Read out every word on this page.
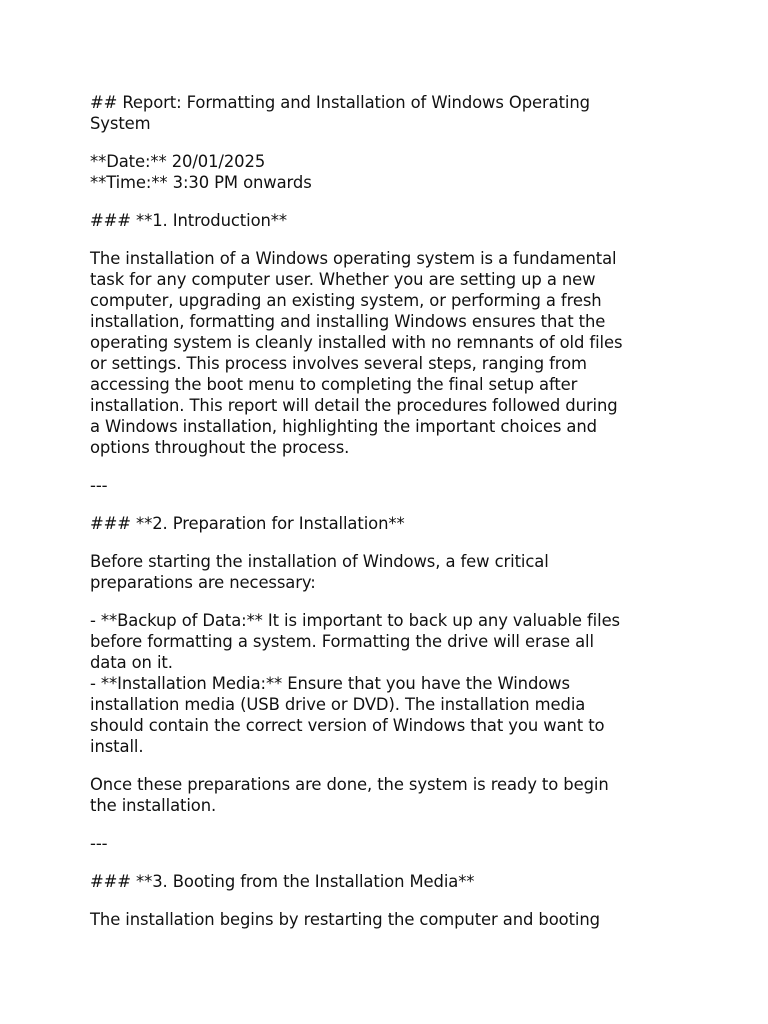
## Report: Formatting and Installation of Windows Operating
System

**Date:** 20/01/2025
**Time:** 3:30 PM onwards

### **1. Introduction**

The installation of a Windows operating system is a fundamental
task for any computer user. Whether you are setting up a new
computer, upgrading an existing system, or performing a fresh
installation, formatting and installing Windows ensures that the
operating system is cleanly installed with no remnants of old files
or settings. This process involves several steps, ranging from
accessing the boot menu to completing the final setup after
installation. This report will detail the procedures followed during
a Windows installation, highlighting the important choices and
options throughout the process.

---

### **2. Preparation for Installation**

Before starting the installation of Windows, a few critical
preparations are necessary:

- **Backup of Data:** It is important to back up any valuable files
before formatting a system. Formatting the drive will erase all
data on it.
- **Installation Media:** Ensure that you have the Windows
installation media (USB drive or DVD). The installation media
should contain the correct version of Windows that you want to
install.

Once these preparations are done, the system is ready to begin
the installation.

---

### **3. Booting from the Installation Media**

The installation begins by restarting the computer and booting
